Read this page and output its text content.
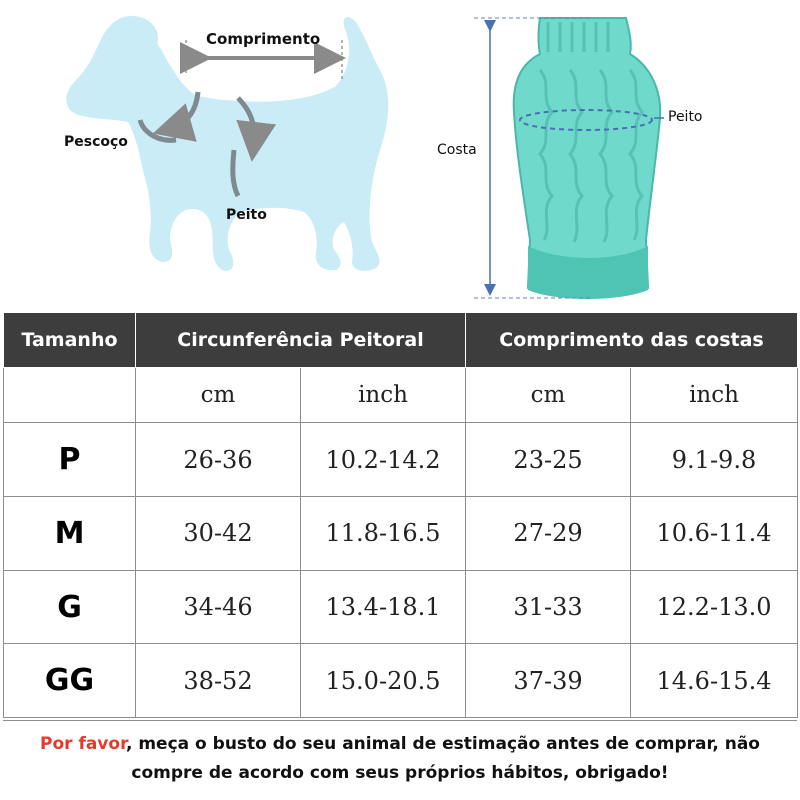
Comprimento
Pescoço
Peito
Costa
Peito
Tamanho	Circunferência Peitoral		Comprimento das costas	
	cm	inch	cm	inch
P	26-36	10.2-14.2	23-25	9.1-9.8
M	30-42	11.8-16.5	27-29	10.6-11.4
G	34-46	13.4-18.1	31-33	12.2-13.0
GG	38-52	15.0-20.5	37-39	14.6-15.4
Por favor, meça o busto do seu animal de estimação antes de comprar, não
compre de acordo com seus próprios hábitos, obrigado!
